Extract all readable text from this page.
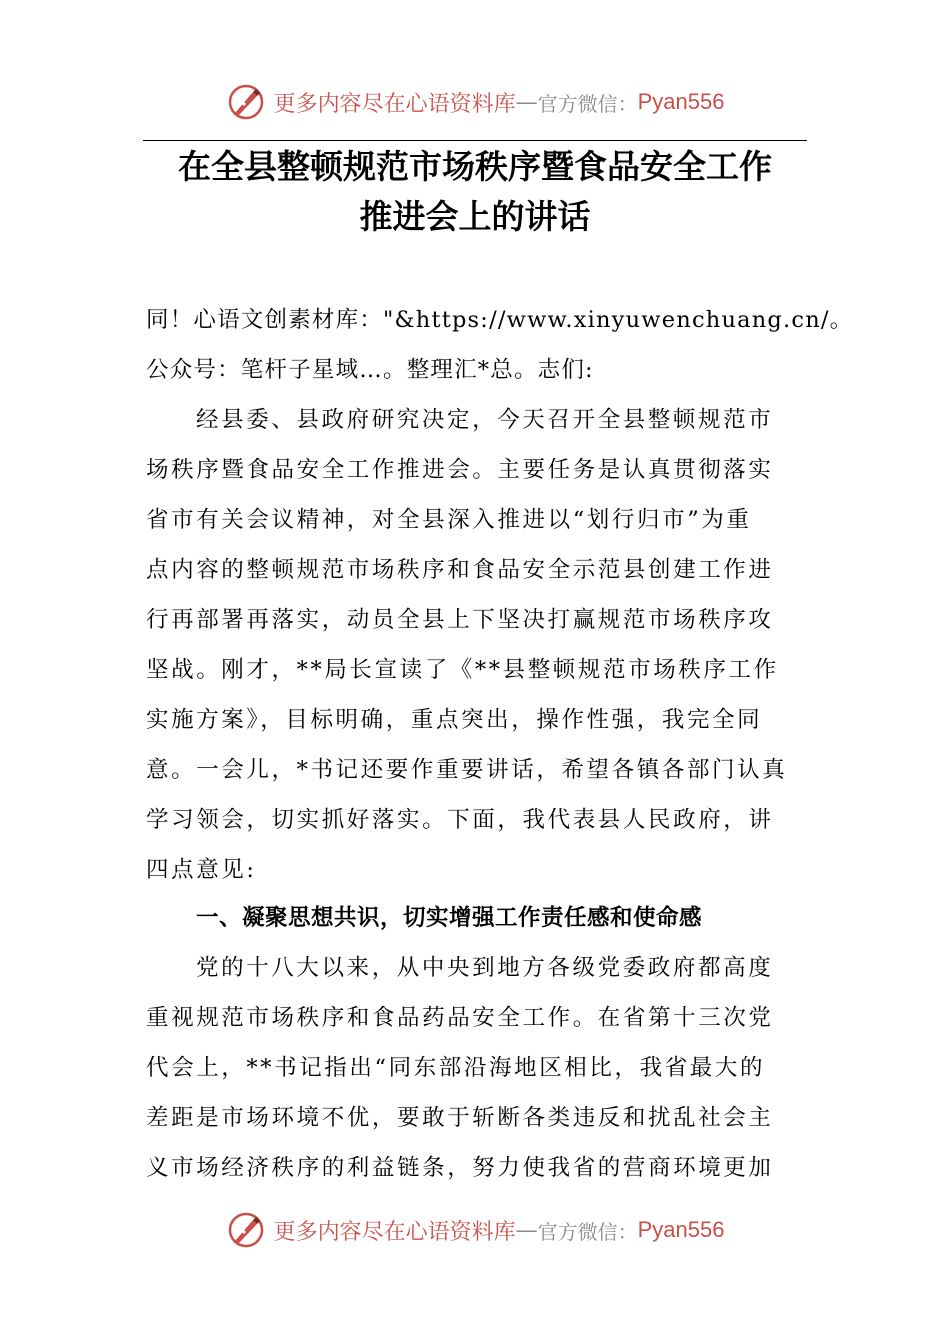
更多内容尽在心语资料库 — 官方微信： Pyan556
在全县整顿规范市场秩序暨食品安全工作
推进会上的讲话
同！心语文创素材库："&https://www.xinyuwenchuang.cn/。
公众号：笔杆子星域…。整理汇*总。志们:
经县委、县政府研究决定，今天召开全县整顿规范市
场秩序暨食品安全工作推进会。主要任务是认真贯彻落实
省市有关会议精神，对全县深入推进以“划行归市”为重
点内容的整顿规范市场秩序和食品安全示范县创建工作进
行再部署再落实，动员全县上下坚决打赢规范市场秩序攻
坚战。刚才，**局长宣读了《**县整顿规范市场秩序工作
实施方案》，目标明确，重点突出，操作性强，我完全同
意。一会儿，*书记还要作重要讲话，希望各镇各部门认真
学习领会，切实抓好落实。下面，我代表县人民政府，讲
四点意见:
一、凝聚思想共识，切实增强工作责任感和使命感
党的十八大以来，从中央到地方各级党委政府都高度
重视规范市场秩序和食品药品安全工作。在省第十三次党
代会上，**书记指出“同东部沿海地区相比，我省最大的
差距是市场环境不优，要敢于斩断各类违反和扰乱社会主
义市场经济秩序的利益链条，努力使我省的营商环境更加
更多内容尽在心语资料库 — 官方微信： Pyan556
